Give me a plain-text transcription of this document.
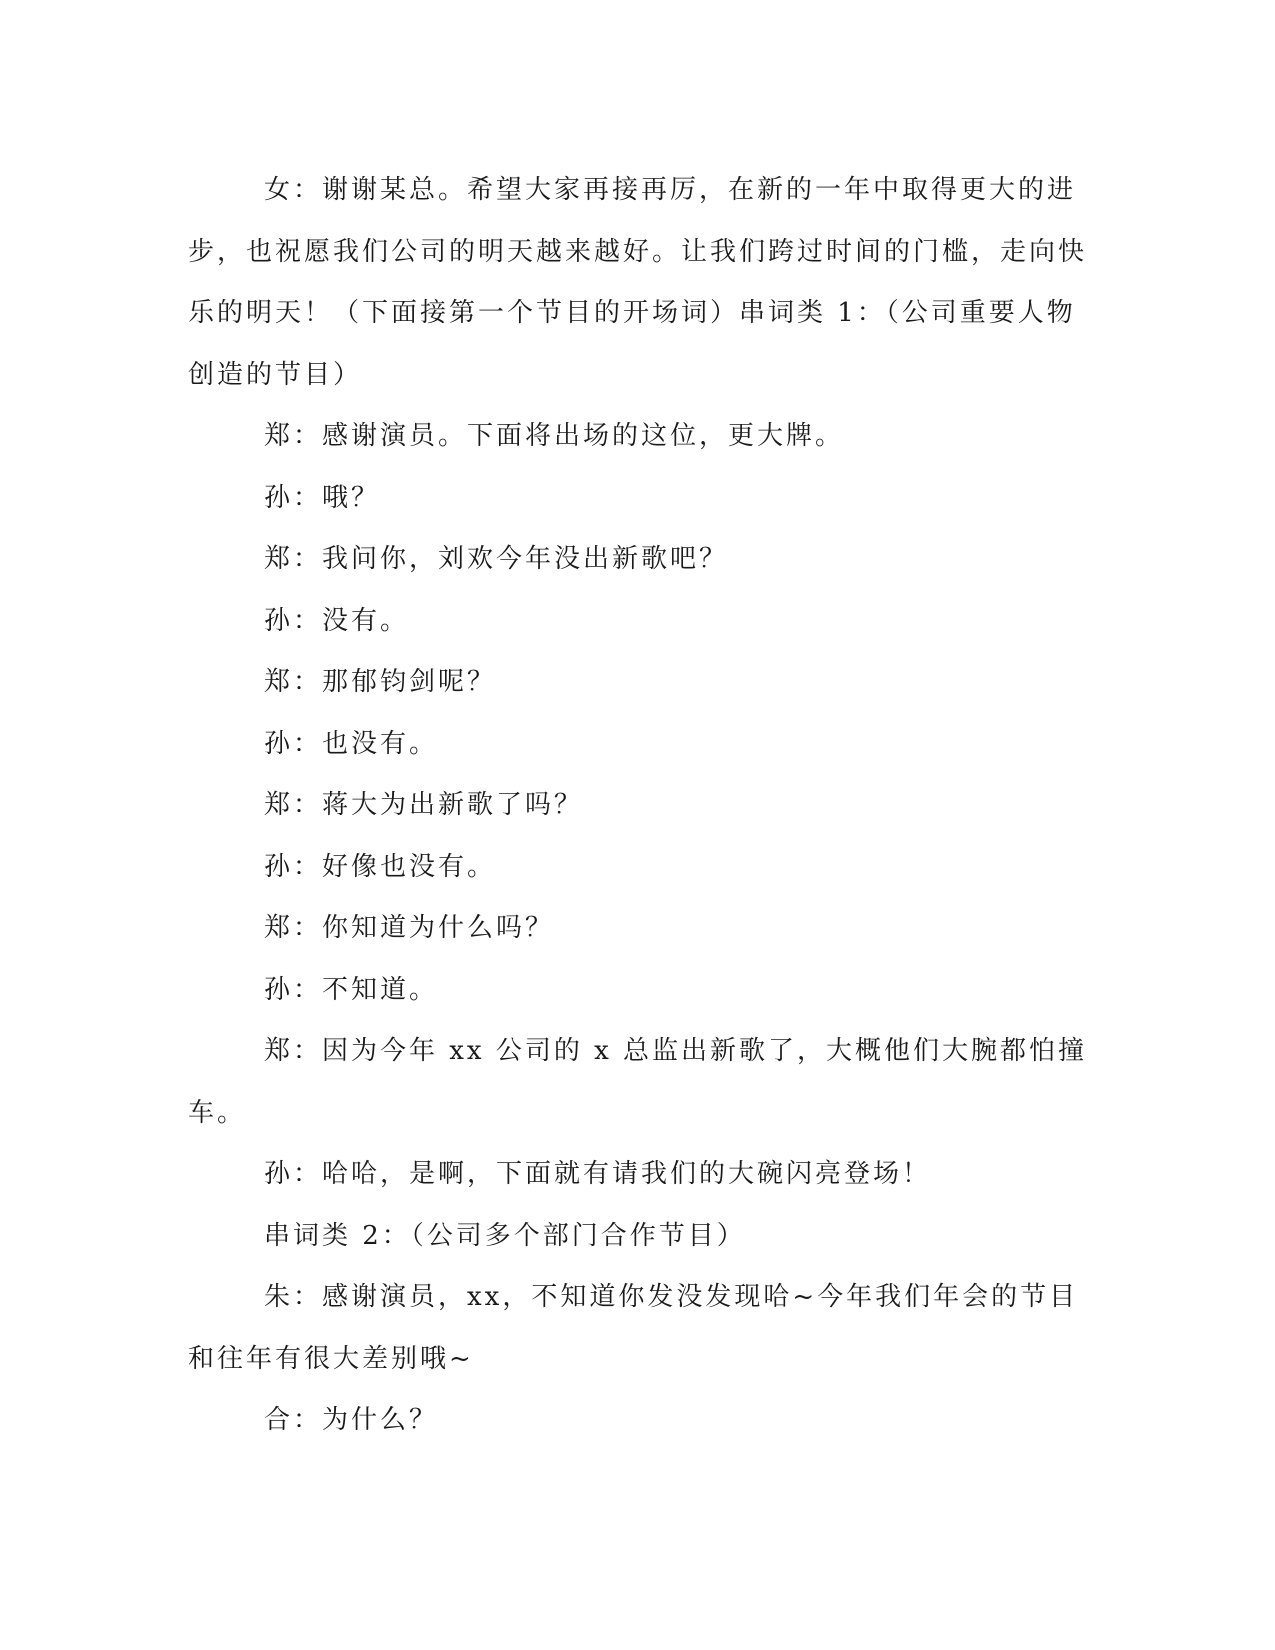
女：谢谢某总。希望大家再接再厉，在新的一年中取得更大的进步，也祝愿我们公司的明天越来越好。让我们跨过时间的门槛，走向快乐的明天！（下面接第一个节目的开场词）串词类 1：（公司重要人物创造的节目）

郑：感谢演员。下面将出场的这位，更大牌。

孙：哦？

郑：我问你，刘欢今年没出新歌吧？

孙：没有。

郑：那郁钧剑呢？

孙：也没有。

郑：蒋大为出新歌了吗？

孙：好像也没有。

郑：你知道为什么吗？

孙：不知道。

郑：因为今年 xx 公司的 x 总监出新歌了，大概他们大腕都怕撞车。

孙：哈哈，是啊，下面就有请我们的大碗闪亮登场！

串词类 2：（公司多个部门合作节目）

朱：感谢演员，xx，不知道你发没发现哈~今年我们年会的节目和往年有很大差别哦~

合：为什么？
